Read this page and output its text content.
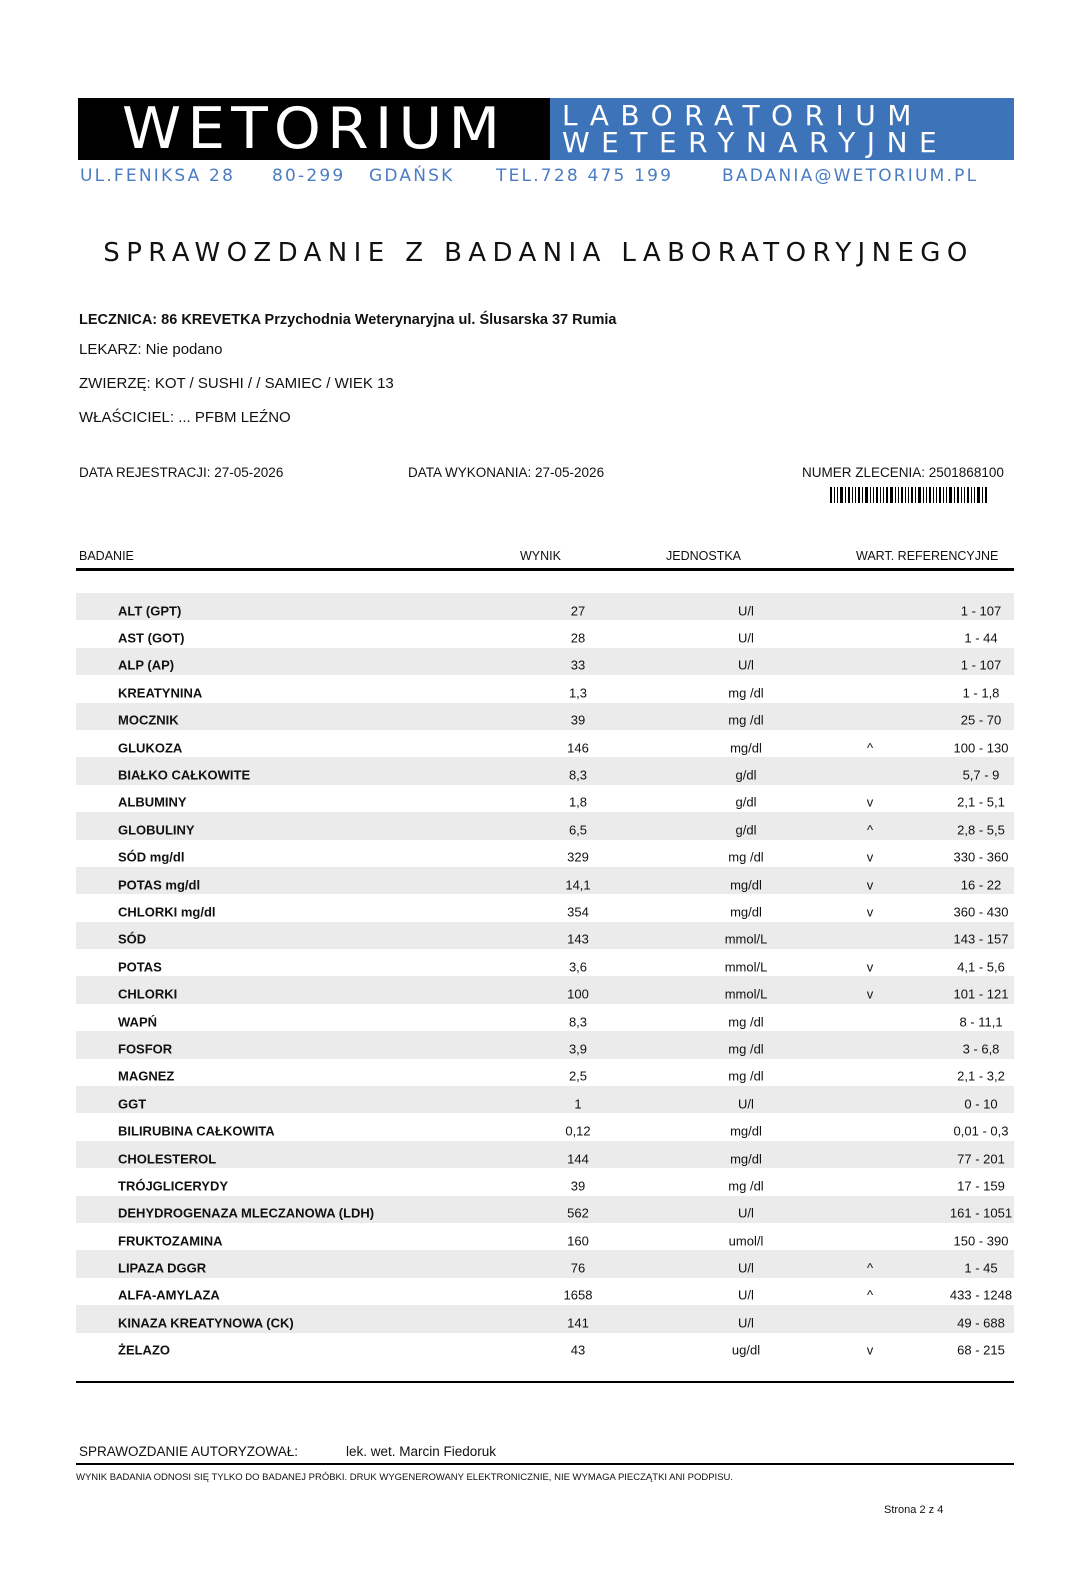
WETORIUM LABORATORIUM
WETERYNARYJNE
UL.FENIKSA 28 80-299 GDAŃSK TEL.728 475 199	BADANIA@WETORIUM.PL
SPRAWOZDANIE Z BADANIA LABORATORYJNEGO
LECZNICA: 86 KREVETKA Przychodnia Weterynaryjna ul. Ślusarska 37 Rumia
LEKARZ: Nie podano
ZWIERZĘ: KOT / SUSHI / / SAMIEC / WIEK 13
WŁAŚCICIEL: ... PFBM LEŹNO
DATA REJESTRACJI: 27-05-2026	DATA WYKONANIA: 27-05-2026	NUMER ZLECENIA: 2501868100
BADANIE	WYNIK	JEDNOSTKA	WART. REFERENCYJNE
ALT (GPT)	27	U/l	1 - 107
AST (GOT)	28	U/l	1 - 44
ALP (AP)	33	U/l	1 - 107
KREATYNINA	1,3	mg /dl	1 - 1,8
MOCZNIK	39	mg /dl	25 - 70
GLUKOZA	146	mg/dl	^	100 - 130
BIAŁKO CAŁKOWITE	8,3	g/dl	5,7 - 9
ALBUMINY	1,8	g/dl	v	2,1 - 5,1
GLOBULINY	6,5	g/dl	^	2,8 - 5,5
SÓD mg/dl	329	mg /dl	v	330 - 360
POTAS mg/dl	14,1	mg/dl	v	16 - 22
CHLORKI mg/dl	354	mg/dl	v	360 - 430
SÓD	143	mmol/L	143 - 157
POTAS	3,6	mmol/L	v	4,1 - 5,6
CHLORKI	100	mmol/L	v	101 - 121
WAPŃ	8,3	mg /dl	8 - 11,1
FOSFOR	3,9	mg /dl	3 - 6,8
MAGNEZ	2,5	mg /dl	2,1 - 3,2
GGT	1	U/l	0 - 10
BILIRUBINA CAŁKOWITA	0,12	mg/dl	0,01 - 0,3
CHOLESTEROL	144	mg/dl	77 - 201
TRÓJGLICERYDY	39	mg /dl	17 - 159
DEHYDROGENAZA MLECZANOWA (LDH)	562	U/l	161 - 1051
FRUKTOZAMINA	160	umol/l	150 - 390
LIPAZA DGGR	76	U/l	^	1 - 45
ALFA-AMYLAZA	1658	U/l	^	433 - 1248
KINAZA KREATYNOWA (CK)	141	U/l	49 - 688
ŻELAZO	43	ug/dl	v	68 - 215
SPRAWOZDANIE AUTORYZOWAŁ:	lek. wet. Marcin Fiedoruk
WYNIK BADANIA ODNOSI SIĘ TYLKO DO BADANEJ PRÓBKI. DRUK WYGENEROWANY ELEKTRONICZNIE, NIE WYMAGA PIECZĄTKI ANI PODPISU.
Strona 2 z 4
